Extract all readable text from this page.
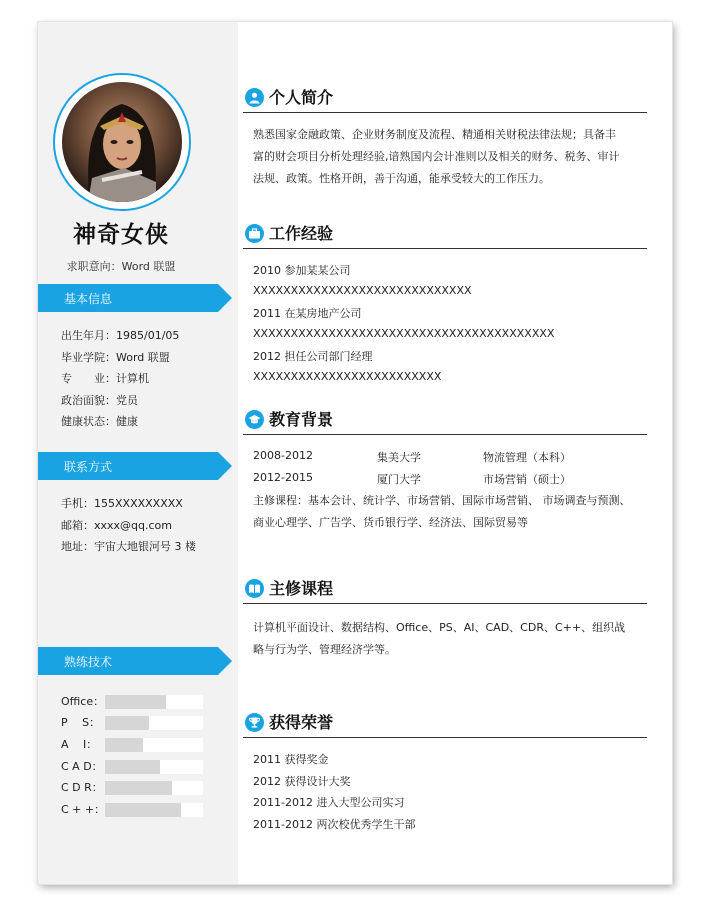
神奇女侠
求职意向：Word 联盟
基本信息
出生年月：1985/01/05
毕业学院：Word 联盟
专　　业：计算机
政治面貌：党员
健康状态：健康
联系方式
手机：155XXXXXXXXX
邮箱：xxxx@qq.com
地址：宇宙大地银河号 3 楼
熟练技术
Office：
P　 S：
A　 I：
C A D：
C D R：
C + +：
个人简介
熟悉国家金融政策、企业财务制度及流程、精通相关财税法律法规；具备丰
富的财会项目分析处理经验,谙熟国内会计准则以及相关的财务、税务、审计
法规、政策。性格开朗，善于沟通，能承受较大的工作压力。
工作经验
2010 参加某某公司
XXXXXXXXXXXXXXXXXXXXXXXXXXXXX
2011 在某房地产公司
XXXXXXXXXXXXXXXXXXXXXXXXXXXXXXXXXXXXXXXX
2012 担任公司部门经理
XXXXXXXXXXXXXXXXXXXXXXXXX
教育背景
2008-2012	集美大学	物流管理（本科）
2012-2015	厦门大学	市场营销（硕士）
主修课程：基本会计、统计学、市场营销、国际市场营销、 市场调查与预测、
商业心理学、广告学、货币银行学、经济法、国际贸易等
主修课程
计算机平面设计、数据结构、Office、PS、AI、CAD、CDR、C++、组织战
略与行为学、管理经济学等。
获得荣誉
2011 获得奖金
2012 获得设计大奖
2011-2012 进入大型公司实习
2011-2012 两次校优秀学生干部
